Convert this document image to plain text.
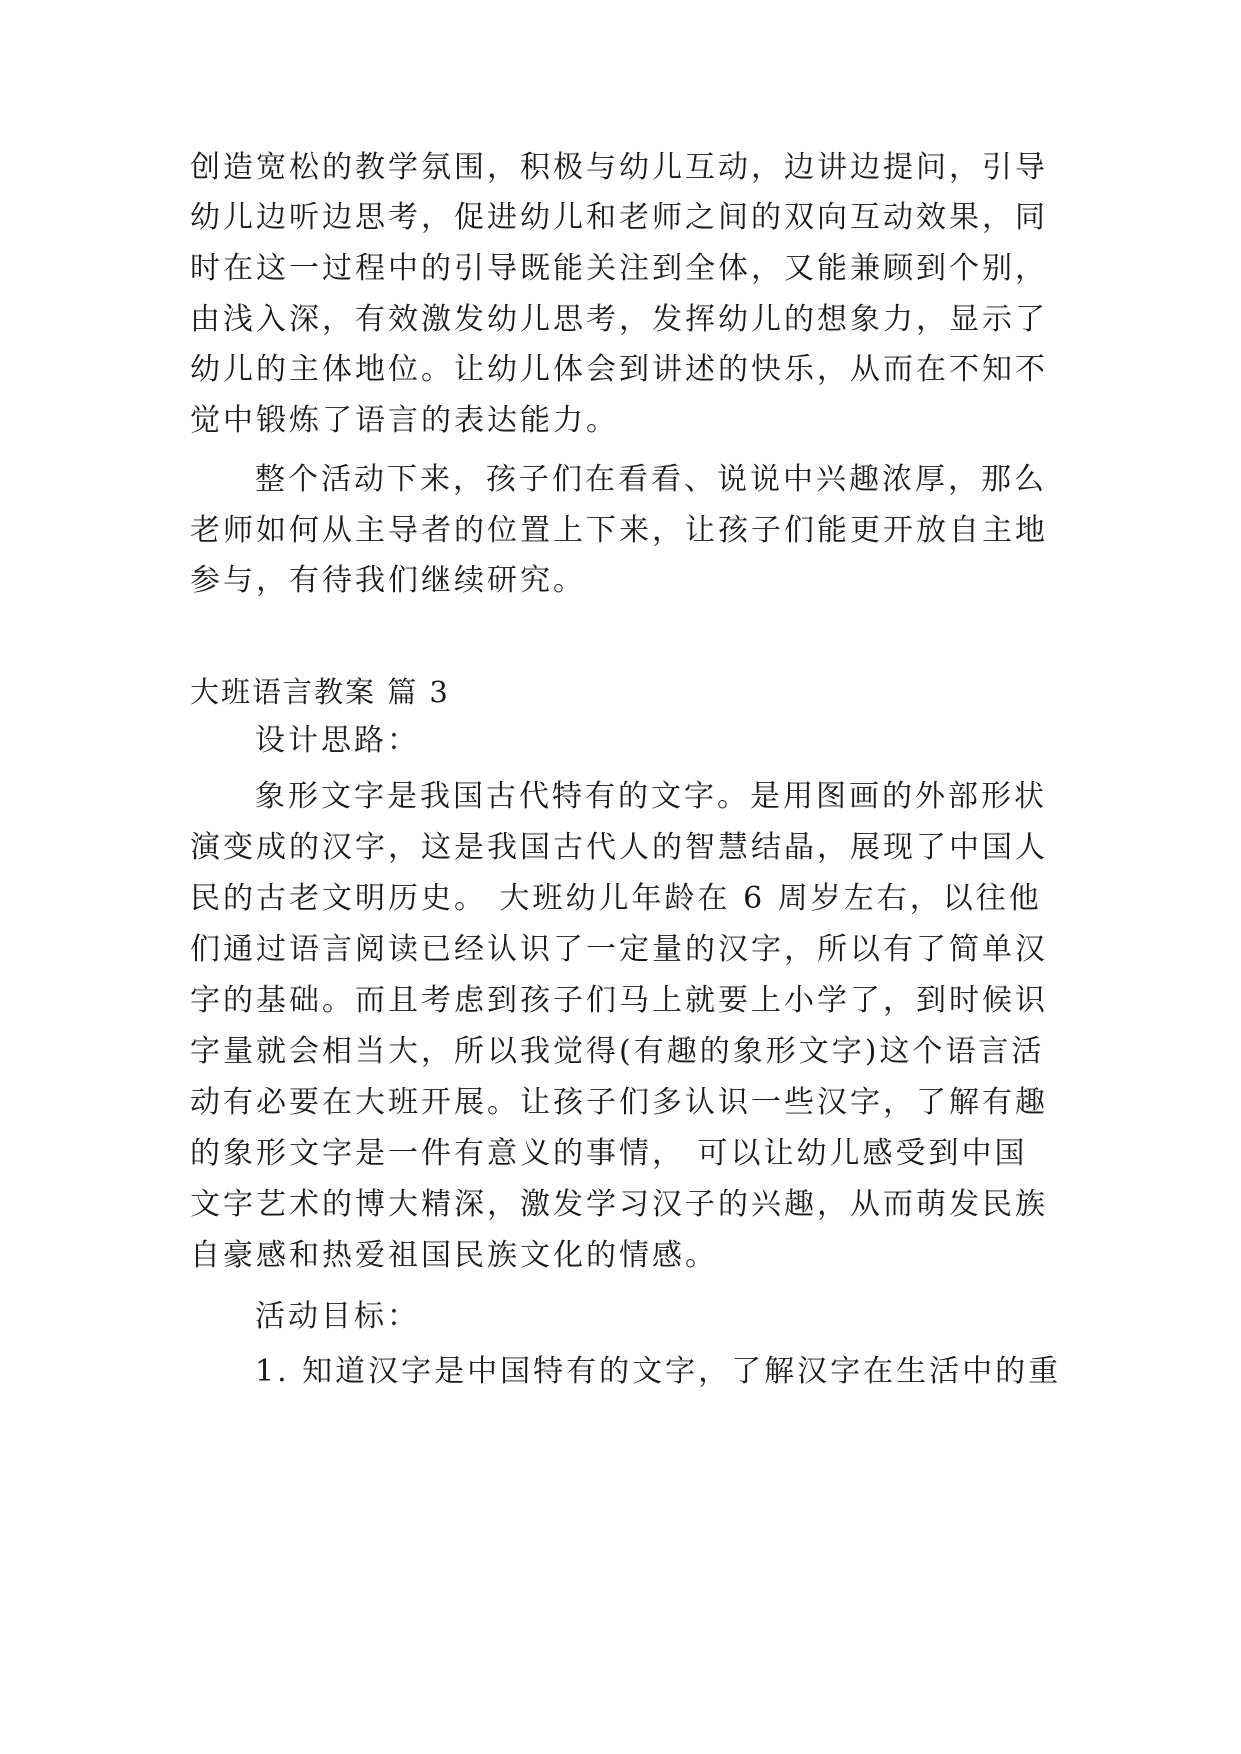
创造宽松的教学氛围，积极与幼儿互动，边讲边提问，引导
幼儿边听边思考，促进幼儿和老师之间的双向互动效果，同
时在这一过程中的引导既能关注到全体，又能兼顾到个别，
由浅入深，有效激发幼儿思考，发挥幼儿的想象力，显示了
幼儿的主体地位。让幼儿体会到讲述的快乐，从而在不知不
觉中锻炼了语言的表达能力。
整个活动下来，孩子们在看看、说说中兴趣浓厚，那么
老师如何从主导者的位置上下来，让孩子们能更开放自主地
参与，有待我们继续研究。
大班语言教案 篇 3
设计思路：
象形文字是我国古代特有的文字。是用图画的外部形状
演变成的汉字，这是我国古代人的智慧结晶，展现了中国人
民的古老文明历史。 大班幼儿年龄在 6 周岁左右，以往他
们通过语言阅读已经认识了一定量的汉字，所以有了简单汉
字的基础。而且考虑到孩子们马上就要上小学了，到时候识
字量就会相当大，所以我觉得(有趣的象形文字)这个语言活
动有必要在大班开展。让孩子们多认识一些汉字，了解有趣
的象形文字是一件有意义的事情， 可以让幼儿感受到中国
文字艺术的博大精深，激发学习汉子的兴趣，从而萌发民族
自豪感和热爱祖国民族文化的情感。
活动目标：
1. 知道汉字是中国特有的文字，了解汉字在生活中的重
